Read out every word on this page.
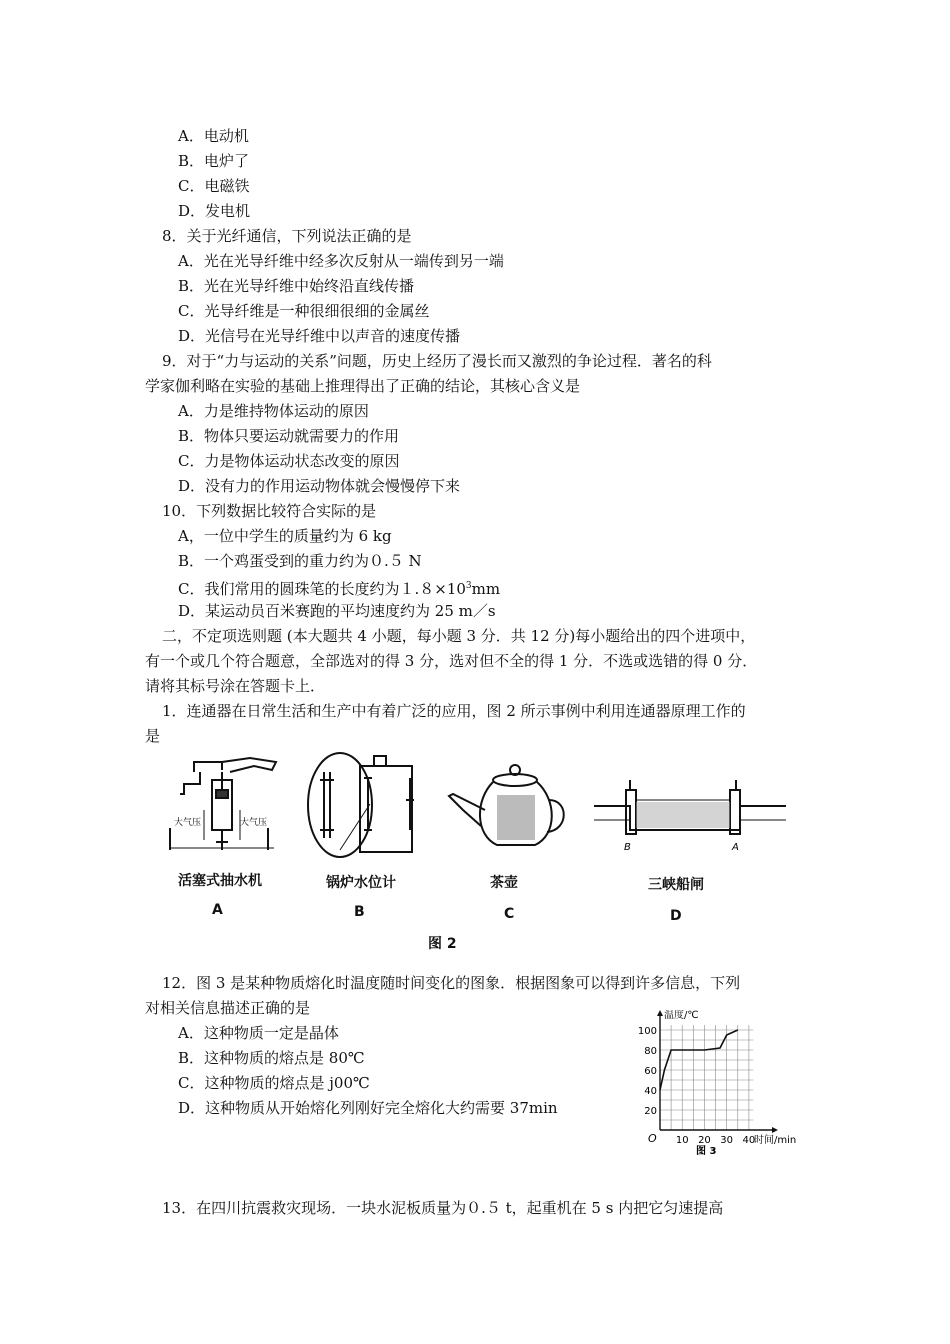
A．电动机
B．电炉了
C．电磁铁
D．发电机
8．关于光纤通信，下列说法正确的是
A．光在光导纤维中经多次反射从一端传到另一端
B．光在光导纤维中始终沿直线传播
C．光导纤维是一种很细很细的金属丝
D．光信号在光导纤维中以声音的速度传播
9．对于“力与运动的关系”问题，历史上经历了漫长而又激烈的争论过程．著名的科
学家伽利略在实验的基础上推理得出了正确的结论，其核心含义是
A．力是维持物体运动的原因
B．物体只要运动就需要力的作用
C．力是物体运动状态改变的原因
D．没有力的作用运动物体就会慢慢停下来
10．下列数据比较符合实际的是
A，一位中学生的质量约为 6 kg
B．一个鸡蛋受到的重力约为０.５ N
C．我们常用的圆珠笔的长度约为$1.8\times 10^3mm$
D．某运动员百米赛跑的平均速度约为 25 m／s
二，不定项选则题 (本大题共 4 小题，每小题 3 分．共 12 分)每小题给出的四个进项中，
有一个或几个符合题意，全部选对的得 3 分，选对但不全的得 1 分．不选或选错的得 0 分．
请将其标号涂在答题卡上．
1．连通器在日常生活和生产中有着广泛的应用，图 2 所示事例中利用连通器原理工作的
是
大气压	大气压
B	A
活塞式抽水机	锅炉水位计	茶壶	三峡船闸
A	B	C	D
图 2
12．图 3 是某种物质熔化时温度随时间变化的图象．根据图象可以得到许多信息，下列
对相关信息描述正确的是
A．这种物质一定是晶体
B．这种物质的熔点是 80℃
C．这种物质的熔点是 j00℃
D．这种物质从开始熔化列刚好完全熔化大约需要 37min
100
80
60
40
20
10 20 30 40
温度/℃
时间/min
O
图 3
13．在四川抗震救灾现场．一块水泥板质量为０.５ t，起重机在 5 s 内把它匀速提高
